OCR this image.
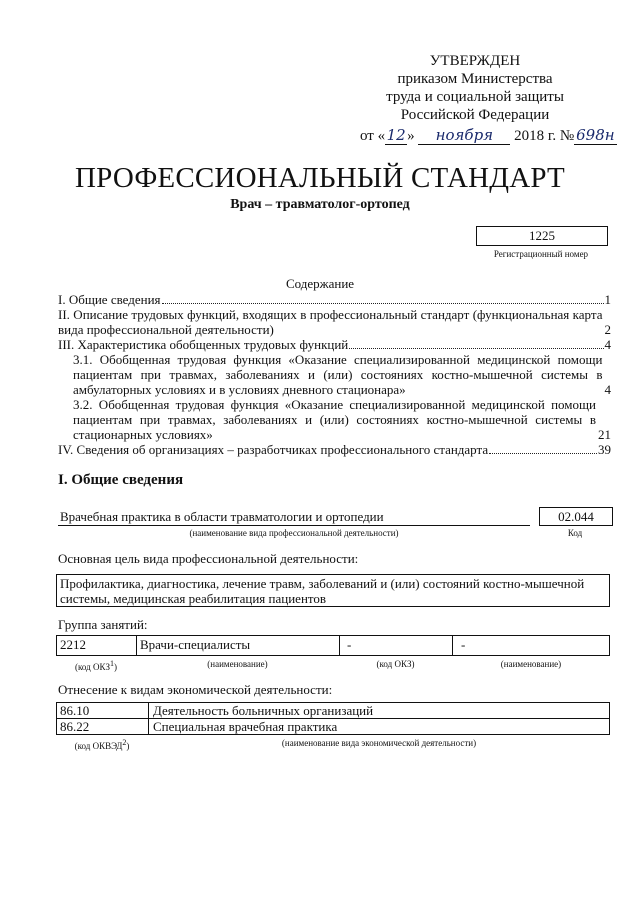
УТВЕРЖДЕН
приказом Министерства
труда и социальной защиты
Российской Федерации
от «12» ноября 2018 г. № 698н
ПРОФЕССИОНАЛЬНЫЙ СТАНДАРТ
Врач – травматолог-ортопед
1225
Регистрационный номер
Содержание
I. Общие сведения	1
II. Описание трудовых функций, входящих в профессиональный стандарт (функциональная карта вида профессиональной деятельности)	2
III. Характеристика обобщенных трудовых функций	4
3.1. Обобщенная трудовая функция «Оказание специализированной медицинской помощи пациентам при травмах, заболеваниях и (или) состояниях костно-мышечной системы в амбулаторных условиях и в условиях дневного стационара»	4
3.2. Обобщенная трудовая функция «Оказание специализированной медицинской помощи пациентам при травмах, заболеваниях и (или) состояниях костно-мышечной системы в стационарных условиях»	21
IV. Сведения об организациях – разработчиках профессионального стандарта	39
I. Общие сведения
Врачебная практика в области травматологии и ортопедии
(наименование вида профессиональной деятельности)
02.044
Код
Основная цель вида профессиональной деятельности:
Профилактика, диагностика, лечение травм, заболеваний и (или) состояний костно-мышечной системы, медицинская реабилитация пациентов
Группа занятий:
2212	Врачи-специалисты	-	-
(код ОКЗ$^1$)	(наименование)	(код ОКЗ)	(наименование)
Отнесение к видам экономической деятельности:
86.10	Деятельность больничных организаций
86.22	Специальная врачебная практика
(код ОКВЭД$^2$)	(наименование вида экономической деятельности)
